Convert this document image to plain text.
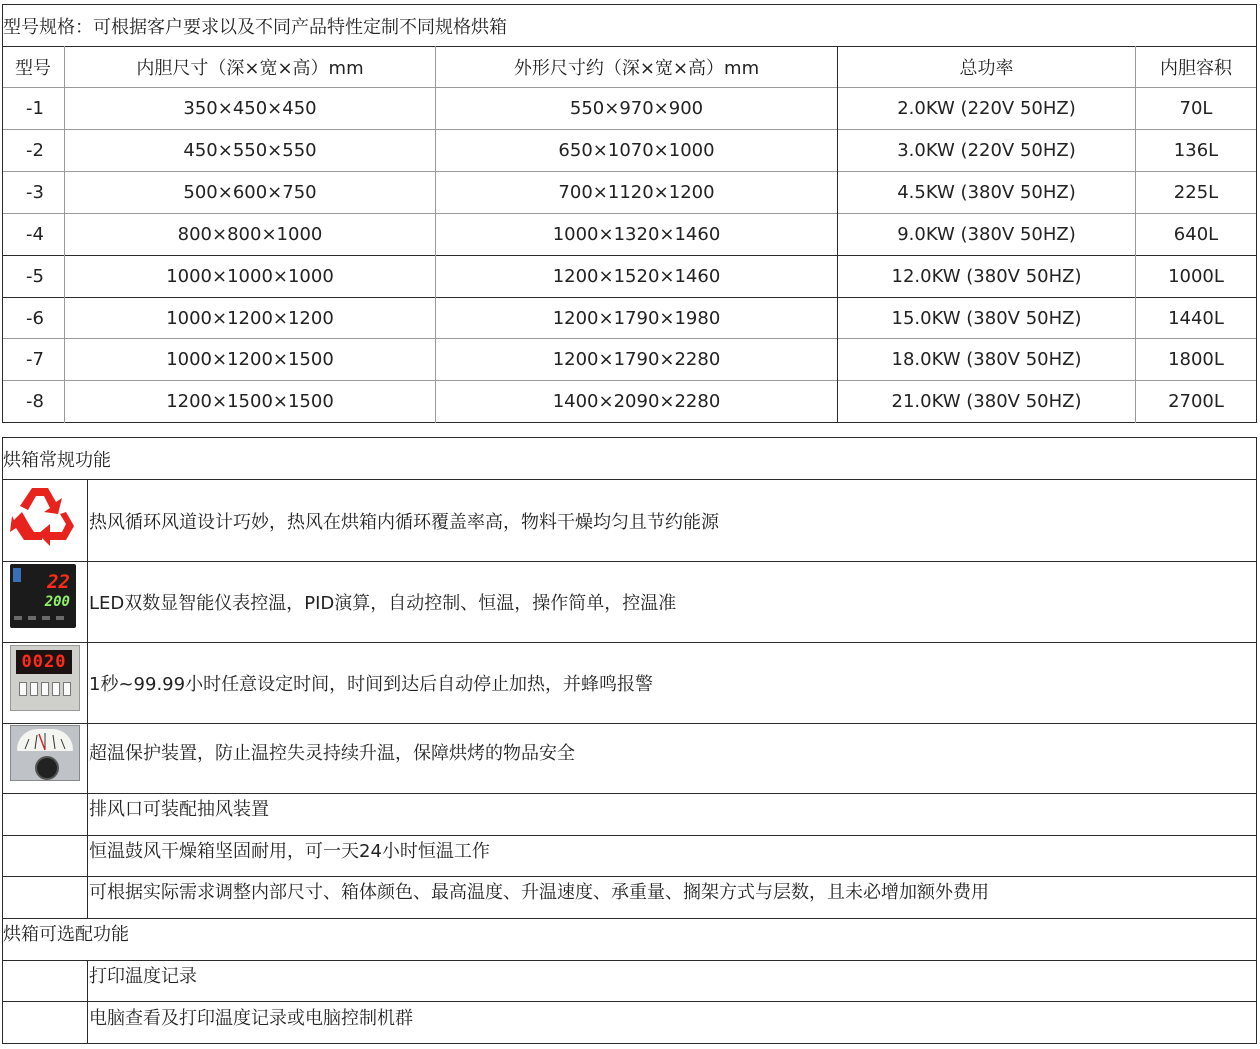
型号规格：可根据客户要求以及不同产品特性定制不同规格烘箱
型号	内胆尺寸（深×宽×高）mm	外形尺寸约（深×宽×高）mm	总功率	内胆容积
-1	350×450×450	550×970×900	2.0KW (220V 50HZ)	70L
-2	450×550×550	650×1070×1000	3.0KW (220V 50HZ)	136L
-3	500×600×750	700×1120×1200	4.5KW (380V 50HZ)	225L
-4	800×800×1000	1000×1320×1460	9.0KW (380V 50HZ)	640L
-5	1000×1000×1000	1200×1520×1460	12.0KW (380V 50HZ)	1000L
-6	1000×1200×1200	1200×1790×1980	15.0KW (380V 50HZ)	1440L
-7	1000×1200×1500	1200×1790×2280	18.0KW (380V 50HZ)	1800L
-8	1200×1500×1500	1400×2090×2280	21.0KW (380V 50HZ)	2700L
烘箱常规功能
热风循环风道设计巧妙，热风在烘箱内循环覆盖率高，物料干燥均匀且节约能源
22
200 LED双数显智能仪表控温，PID演算，自动控制、恒温，操作简单，控温准
0020
1秒~99.99小时任意设定时间，时间到达后自动停止加热，并蜂鸣报警
超温保护装置，防止温控失灵持续升温，保障烘烤的物品安全
排风口可装配抽风装置
恒温鼓风干燥箱坚固耐用，可一天24小时恒温工作
可根据实际需求调整内部尺寸、箱体颜色、最高温度、升温速度、承重量、搁架方式与层数，且未必增加额外费用
烘箱可选配功能
打印温度记录
电脑查看及打印温度记录或电脑控制机群
